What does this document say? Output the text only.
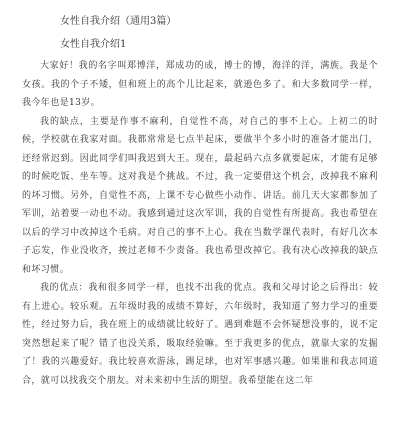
女性自我介绍（通用3篇）

女性自我介绍1

大家好！我的名字叫郑博洋，郑成功的成，博士的博，海洋的洋，满族。我是个女孩。我的个子不矮，但和班上的高个儿比起来，就逊色多了。和大多数同学一样，我今年也是13岁。

我的缺点，主要是作事不麻利，自觉性不高，对自己的事不上心。上初二的时候，学校就在我家对面。我都常常是七点半起床，要做半个多小时的准备才能出门，还经常迟到。因此同学们叫我迟到大王。现在，最起码六点多就要起床，才能有足够的时候吃饭、坐车等。这对我是个挑战。不过，我一定要借这个机会，改掉我不麻利的坏习惯。另外，自觉性不高，上课不专心做些小动作、讲话。前几天大家都参加了军训，站着要一动也不动。我感到通过这次军训，我的自觉性有所提高。我也希望在以后的学习中改掉这个毛病。对自己的事不上心。我在当数学课代表时，有好几次本子忘发，作业没收齐，挨过老师不少责备。我也希望改掉它。我有决心改掉我的缺点和坏习惯。

我的优点：我和很多同学一样，也找不出我的优点。我和父母讨论之后得出：较有上进心。较乐观。五年级时我的成绩不算好，六年级时，我知道了努力学习的重要性，经过努力后，我在班上的成绩就比较好了。遇到难题不会怀疑想没事的，说不定突然想起来了呢？错了也没关系，吸取经验嘛。至于我更多的优点，就靠大家的发掘了！我的兴趣爱好。我比较喜欢游泳，踢足球，也对军事感兴趣。如果谁和我志同道合，就可以找我交个朋友。对未来初中生活的期望。我希望能在这二年
